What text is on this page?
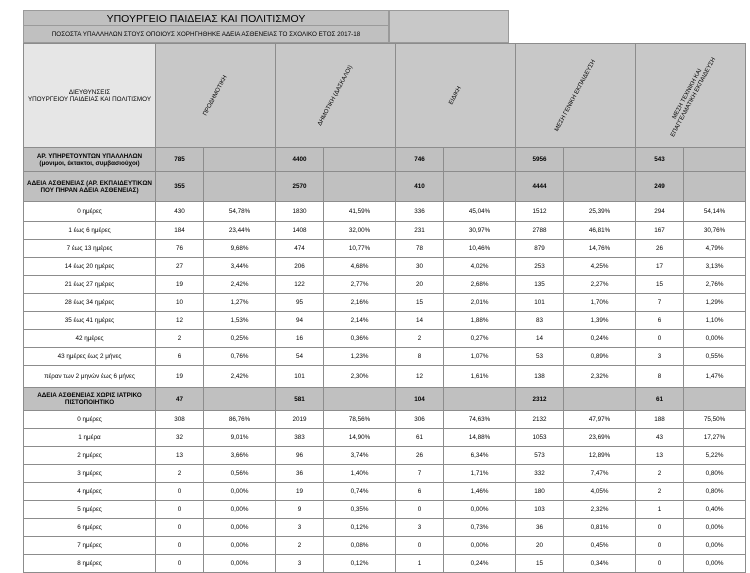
ΥΠΟΥΡΓΕΙΟ ΠΑΙΔΕΙΑΣ ΚΑΙ ΠΟΛΙΤΙΣΜΟΥ
ΠΟΣΟΣΤΑ ΥΠΑΛΛΗΛΩΝ ΣΤΟΥΣ ΟΠΟΙΟΥΣ ΧΟΡΗΓΗΘΗΚΕ ΑΔΕΙΑ ΑΣΘΕΝΕΙΑΣ ΤΟ ΣΧΟΛΙΚΟ ΕΤΟΣ 2017-18
ΔΙΕΥΘΥΝΣΕΙΣ
ΥΠΟΥΡΓΕΙΟΥ ΠΑΙΔΕΙΑΣ ΚΑΙ ΠΟΛΙΤΙΣΜΟΥ	ΠΡΟΔΗΜΟΤΙΚΗ		ΔΗΜΟΤΙΚΗ (ΔΑΣΚΑΛΟΙ)		ΕΙΔΙΚΗ		ΜΕΣΗ ΓΕΝΙΚΗ ΕΚΠΑΙΔΕΥΣΗ		ΜΕΣΗ ΤΕΧΝΙΚΗ ΚΑΙ ΕΠΑΓΓΕΛΜΑΤΙΚΗ ΕΚΠΑΙΔΕΥΣΗ	

ΑΡ. ΥΠΗΡΕΤΟΥΝΤΩΝ ΥΠΑΛΛΗΛΩΝ (μονιμοι, έκτακτοι, συμβασιούχοι)	785		4400		746		5956		543	
ΑΔΕΙΑ ΑΣΘΕΝΕΙΑΣ (ΑΡ. ΕΚΠΑΙΔΕΥΤΙΚΩΝ ΠΟΥ ΠΗΡΑΝ ΑΔΕΙΑ ΑΣΘΕΝΕΙΑΣ)	355		2570		410		4444		249	
0 ημέρες	430	54,78%	1830	41,59%	336	45,04%	1512	25,39%	294	54,14%
1 έως 6 ημέρες	184	23,44%	1408	32,00%	231	30,97%	2788	46,81%	167	30,76%
7 έως 13 ημέρες	76	9,68%	474	10,77%	78	10,46%	879	14,76%	26	4,79%
14 έως 20 ημέρες	27	3,44%	206	4,68%	30	4,02%	253	4,25%	17	3,13%
21 έως 27 ημέρες	19	2,42%	122	2,77%	20	2,68%	135	2,27%	15	2,76%
28 έως 34 ημέρες	10	1,27%	95	2,16%	15	2,01%	101	1,70%	7	1,29%
35 έως 41 ημέρες	12	1,53%	94	2,14%	14	1,88%	83	1,39%	6	1,10%
42 ημέρες	2	0,25%	16	0,36%	2	0,27%	14	0,24%	0	0,00%
43 ημέρες έως 2 μήνες	6	0,76%	54	1,23%	8	1,07%	53	0,89%	3	0,55%
πέραν των 2 μηνών έως 6 μήνες	19	2,42%	101	2,30%	12	1,61%	138	2,32%	8	1,47%
ΑΔΕΙΑ ΑΣΘΕΝΕΙΑΣ ΧΩΡΙΣ ΙΑΤΡΙΚΟ ΠΙΣΤΟΠΟΙΗΤΙΚΟ	47		581		104		2312		61	
0 ημέρες	308	86,76%	2019	78,56%	306	74,63%	2132	47,97%	188	75,50%
1 ημέρα	32	9,01%	383	14,90%	61	14,88%	1053	23,69%	43	17,27%
2 ημέρες	13	3,66%	96	3,74%	26	6,34%	573	12,89%	13	5,22%
3 ημέρες	2	0,56%	36	1,40%	7	1,71%	332	7,47%	2	0,80%
4 ημέρες	0	0,00%	19	0,74%	6	1,46%	180	4,05%	2	0,80%
5 ημέρες	0	0,00%	9	0,35%	0	0,00%	103	2,32%	1	0,40%
6 ημέρες	0	0,00%	3	0,12%	3	0,73%	36	0,81%	0	0,00%
7 ημέρες	0	0,00%	2	0,08%	0	0,00%	20	0,45%	0	0,00%
8 ημέρες	0	0,00%	3	0,12%	1	0,24%	15	0,34%	0	0,00%
